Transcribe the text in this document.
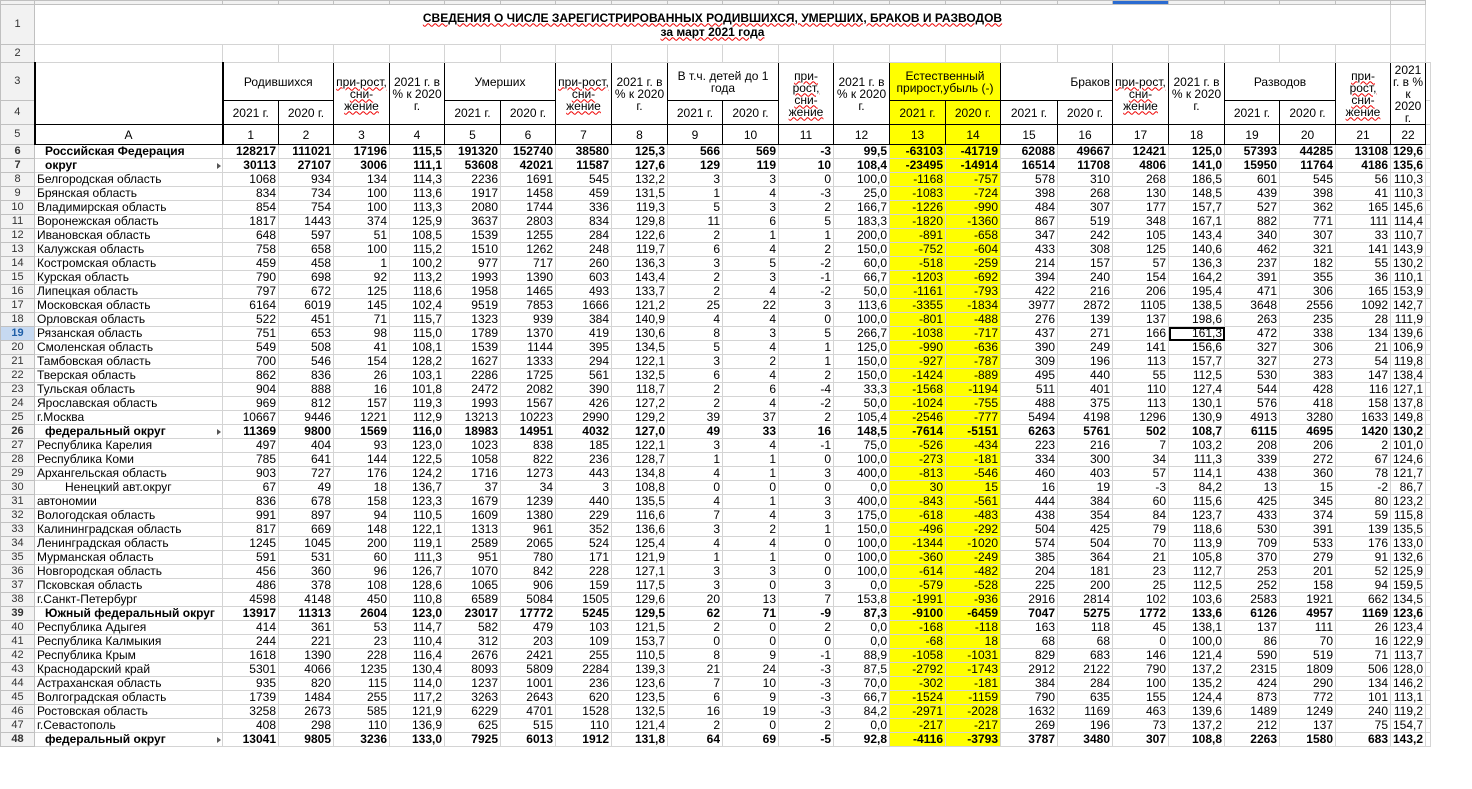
1	СВЕДЕНИЯ О ЧИСЛЕ ЗАРЕГИСТРИРОВАННЫХ РОДИВШИХСЯ, УМЕРШИХ, БРАКОВ И РАЗВОДОВ
за март 2021 года																							

2																								
3		Родившихся		при-рост, сни-жение	2021 г. в % к 2020 г.	Умерших		при-рост, сни-жение	2021 г. в % к 2020 г.	В т.ч. детей до 1 года		при-рост, сни-жение	2021 г. в % к 2020 г.	Естественный прирост,убыль (-)		Браков		при-рост, сни-жение	2021 г. в % к 2020 г.	Разводов		при-рост, сни-жение	2021 г. в % к 2020 г.	
4		2021 г.	2020 г.			2021 г.	2020 г.			2021 г.	2020 г.			2021 г.	2020 г.	2021 г.	2020 г.			2021 г.	2020 г.			
5	A	1	2	3	4	5	6	7	8	9	10	11	12	13	14	15	16	17	18	19	20	21	22	
6	Российская Федерация	128217	111021	17196	115,5	191320	152740	38580	125,3	566	569	-3	99,5	-63103	-41719	62088	49667	12421	125,0	57393	44285	13108	129,6	
7	округ	30113	27107	3006	111,1	53608	42021	11587	127,6	129	119	10	108,4	-23495	-14914	16514	11708	4806	141,0	15950	11764	4186	135,6	
8	Белгородская область	1068	934	134	114,3	2236	1691	545	132,2	3	3	0	100,0	-1168	-757	578	310	268	186,5	601	545	56	110,3	
9	Брянская область	834	734	100	113,6	1917	1458	459	131,5	1	4	-3	25,0	-1083	-724	398	268	130	148,5	439	398	41	110,3	
10	Владимирская область	854	754	100	113,3	2080	1744	336	119,3	5	3	2	166,7	-1226	-990	484	307	177	157,7	527	362	165	145,6	
11	Воронежская область	1817	1443	374	125,9	3637	2803	834	129,8	11	6	5	183,3	-1820	-1360	867	519	348	167,1	882	771	111	114,4	
12	Ивановская область	648	597	51	108,5	1539	1255	284	122,6	2	1	1	200,0	-891	-658	347	242	105	143,4	340	307	33	110,7	
13	Калужская область	758	658	100	115,2	1510	1262	248	119,7	6	4	2	150,0	-752	-604	433	308	125	140,6	462	321	141	143,9	
14	Костромская область	459	458	1	100,2	977	717	260	136,3	3	5	-2	60,0	-518	-259	214	157	57	136,3	237	182	55	130,2	
15	Курская область	790	698	92	113,2	1993	1390	603	143,4	2	3	-1	66,7	-1203	-692	394	240	154	164,2	391	355	36	110,1	
16	Липецкая область	797	672	125	118,6	1958	1465	493	133,7	2	4	-2	50,0	-1161	-793	422	216	206	195,4	471	306	165	153,9	
17	Московская область	6164	6019	145	102,4	9519	7853	1666	121,2	25	22	3	113,6	-3355	-1834	3977	2872	1105	138,5	3648	2556	1092	142,7	
18	Орловская область	522	451	71	115,7	1323	939	384	140,9	4	4	0	100,0	-801	-488	276	139	137	198,6	263	235	28	111,9	
19	Рязанская область	751	653	98	115,0	1789	1370	419	130,6	8	3	5	266,7	-1038	-717	437	271	166	161,3	472	338	134	139,6	
20	Смоленская область	549	508	41	108,1	1539	1144	395	134,5	5	4	1	125,0	-990	-636	390	249	141	156,6	327	306	21	106,9	
21	Тамбовская область	700	546	154	128,2	1627	1333	294	122,1	3	2	1	150,0	-927	-787	309	196	113	157,7	327	273	54	119,8	
22	Тверская область	862	836	26	103,1	2286	1725	561	132,5	6	4	2	150,0	-1424	-889	495	440	55	112,5	530	383	147	138,4	
23	Тульская область	904	888	16	101,8	2472	2082	390	118,7	2	6	-4	33,3	-1568	-1194	511	401	110	127,4	544	428	116	127,1	
24	Ярославская область	969	812	157	119,3	1993	1567	426	127,2	2	4	-2	50,0	-1024	-755	488	375	113	130,1	576	418	158	137,8	
25	г.Москва	10667	9446	1221	112,9	13213	10223	2990	129,2	39	37	2	105,4	-2546	-777	5494	4198	1296	130,9	4913	3280	1633	149,8	
26	федеральный округ	11369	9800	1569	116,0	18983	14951	4032	127,0	49	33	16	148,5	-7614	-5151	6263	5761	502	108,7	6115	4695	1420	130,2	
27	Республика Карелия	497	404	93	123,0	1023	838	185	122,1	3	4	-1	75,0	-526	-434	223	216	7	103,2	208	206	2	101,0	
28	Республика Коми	785	641	144	122,5	1058	822	236	128,7	1	1	0	100,0	-273	-181	334	300	34	111,3	339	272	67	124,6	
29	Архангельская область	903	727	176	124,2	1716	1273	443	134,8	4	1	3	400,0	-813	-546	460	403	57	114,1	438	360	78	121,7	
30	Ненецкий авт.округ	67	49	18	136,7	37	34	3	108,8	0	0	0	0,0	30	15	16	19	-3	84,2	13	15	-2	86,7	
31	автономии	836	678	158	123,3	1679	1239	440	135,5	4	1	3	400,0	-843	-561	444	384	60	115,6	425	345	80	123,2	
32	Вологодская область	991	897	94	110,5	1609	1380	229	116,6	7	4	3	175,0	-618	-483	438	354	84	123,7	433	374	59	115,8	
33	Калининградская область	817	669	148	122,1	1313	961	352	136,6	3	2	1	150,0	-496	-292	504	425	79	118,6	530	391	139	135,5	
34	Ленинградская область	1245	1045	200	119,1	2589	2065	524	125,4	4	4	0	100,0	-1344	-1020	574	504	70	113,9	709	533	176	133,0	
35	Мурманская область	591	531	60	111,3	951	780	171	121,9	1	1	0	100,0	-360	-249	385	364	21	105,8	370	279	91	132,6	
36	Новгородская область	456	360	96	126,7	1070	842	228	127,1	3	3	0	100,0	-614	-482	204	181	23	112,7	253	201	52	125,9	
37	Псковская область	486	378	108	128,6	1065	906	159	117,5	3	0	3	0,0	-579	-528	225	200	25	112,5	252	158	94	159,5	
38	г.Санкт-Петербург	4598	4148	450	110,8	6589	5084	1505	129,6	20	13	7	153,8	-1991	-936	2916	2814	102	103,6	2583	1921	662	134,5	
39	Южный федеральный округ	13917	11313	2604	123,0	23017	17772	5245	129,5	62	71	-9	87,3	-9100	-6459	7047	5275	1772	133,6	6126	4957	1169	123,6	
40	Республика Адыгея	414	361	53	114,7	582	479	103	121,5	2	0	2	0,0	-168	-118	163	118	45	138,1	137	111	26	123,4	
41	Республика Калмыкия	244	221	23	110,4	312	203	109	153,7	0	0	0	0,0	-68	18	68	68	0	100,0	86	70	16	122,9	
42	Республика Крым	1618	1390	228	116,4	2676	2421	255	110,5	8	9	-1	88,9	-1058	-1031	829	683	146	121,4	590	519	71	113,7	
43	Краснодарский край	5301	4066	1235	130,4	8093	5809	2284	139,3	21	24	-3	87,5	-2792	-1743	2912	2122	790	137,2	2315	1809	506	128,0	
44	Астраханская область	935	820	115	114,0	1237	1001	236	123,6	7	10	-3	70,0	-302	-181	384	284	100	135,2	424	290	134	146,2	
45	Волгоградская область	1739	1484	255	117,2	3263	2643	620	123,5	6	9	-3	66,7	-1524	-1159	790	635	155	124,4	873	772	101	113,1	
46	Ростовская область	3258	2673	585	121,9	6229	4701	1528	132,5	16	19	-3	84,2	-2971	-2028	1632	1169	463	139,6	1489	1249	240	119,2	
47	г.Севастополь	408	298	110	136,9	625	515	110	121,4	2	0	2	0,0	-217	-217	269	196	73	137,2	212	137	75	154,7	
48	федеральный округ	13041	9805	3236	133,0	7925	6013	1912	131,8	64	69	-5	92,8	-4116	-3793	3787	3480	307	108,8	2263	1580	683	143,2	
